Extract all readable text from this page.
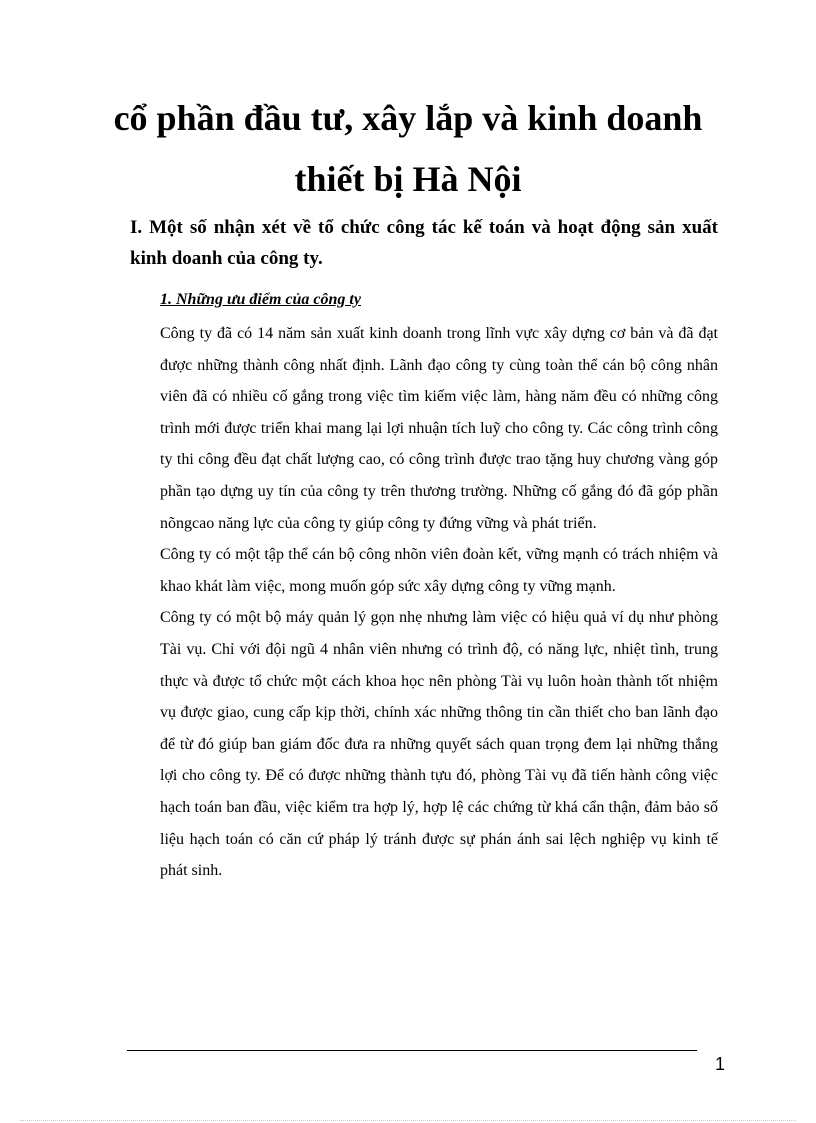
cổ phần đầu tư, xây lắp và kinh doanh
thiết bị Hà Nội
I. Một số nhận xét về tổ chức công tác kế toán và hoạt động sản xuất kinh doanh của công ty.
1. Những ưu điểm của công ty

Công ty đã có 14 năm sản xuất kinh doanh trong lĩnh vực xây dựng cơ bản và đã đạt được những thành công nhất định. Lãnh đạo công ty cùng toàn thể cán bộ công nhân viên đã có nhiều cố gắng trong việc tìm kiếm việc làm, hàng năm đều có những công trình mới được triển khai mang lại lợi nhuận tích luỹ cho công ty. Các công trình công ty thi công đều đạt chất lượng cao, có công trình được trao tặng huy chương vàng góp phần tạo dựng uy tín của công ty trên thương trường. Những cố gắng đó đã góp phần nõngcao năng lực của công ty giúp công ty đứng vững và phát triển.

Công ty có một tập thể cán bộ công nhõn viên đoàn kết, vững mạnh có trách nhiệm và khao khát làm việc, mong muốn góp sức xây dựng công ty vững mạnh.

Công ty có một bộ máy quản lý gọn nhẹ nhưng làm việc có hiệu quả ví dụ như phòng Tài vụ. Chỉ với đội ngũ 4 nhân viên nhưng có trình độ, có năng lực, nhiệt tình, trung thực và được tổ chức một cách khoa học nên phòng Tài vụ luôn hoàn thành tốt nhiệm vụ được giao, cung cấp kịp thời, chính xác những thông tin cần thiết cho ban lãnh đạo để từ đó giúp ban giám đốc đưa ra những quyết sách quan trọng đem lại những thắng lợi cho công ty. Để có được những thành tựu đó, phòng Tài vụ đã tiến hành công việc hạch toán ban đầu, việc kiểm tra hợp lý, hợp lệ các chứng từ khá cẩn thận, đảm bảo số liệu hạch toán có căn cứ pháp lý tránh được sự phán ánh sai lệch nghiệp vụ kinh tế phát sinh.

1
